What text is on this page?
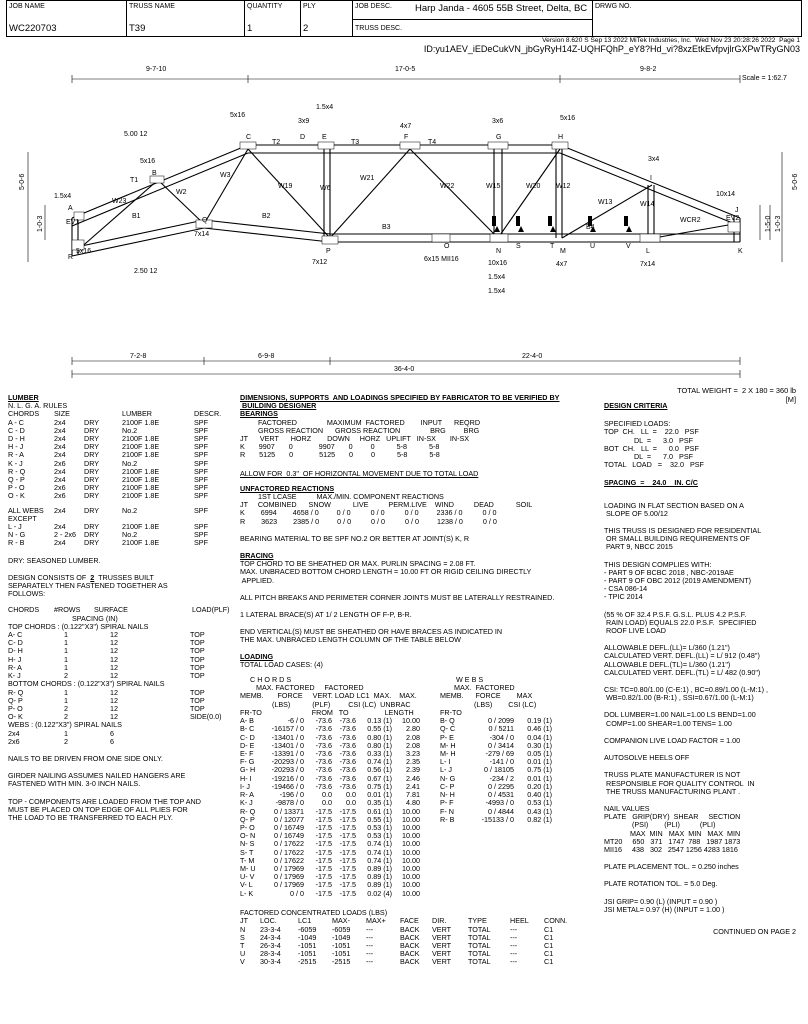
JOB NAME
WC220703
TRUSS NAME
T39
QUANTITY
1
PLY
2
JOB DESC. Harp Janda - 4605 55B Street, Delta, BC
TRUSS DESC.
DRWG NO.
Version 8.620 S Sep 13 2022 MiTek Industries, Inc.  Wed Nov 23 20:28:26 2022  Page 1
ID:yu1AEV_iEDeCukVN_jbGyRyH14Z-UQHFQhP_eY8?Hd_vi?8xzEtkEvfpvjlrGXPwTRyGN03
9-7-10	17-0-5	9-8-2
Scale = 1:62.7
7-2-8	6-9-8	22-4-0
36-4-0
5.00 12
2.50 12
5-0-6
1-0-3
5-0-6
1-0-3
1-5-0
A
B
C	D E	F	G	H
I
J
K
L
M
N
O
P
Q
R
S	T	U	V
T1
T2	T3	T4
B1	B2
B3	B4
EV1
EV2
W2
W3
W6	W12
W13	W14
W15
W19	W20
W21
W22
W23
WCR2
5x16
5x16
5x16
5x16
1.5x4
1.5x4
1.5x4
1.5x4
3x9
4x7
4x7
3x6
3x4
10x14
7x14
7x14
7x12	6x15 MII16
10x16
TOTAL WEIGHT =  2 X 180 = 360 lb
[M]
LUMBER
N. L. G. A. RULES
CHORDS	SIZE	LUMBER	DESCR.
A - C	2x4	DRY	2100F 1.8E	SPF
C - D	2x4	DRY	No.2	SPF
D - H	2x4	DRY	2100F 1.8E	SPF
H - J	2x4	DRY	2100F 1.8E	SPF
R - A	2x4	DRY	2100F 1.8E	SPF
K - J	2x6	DRY	No.2	SPF
R - Q	2x4	DRY	2100F 1.8E	SPF
Q - P	2x4	DRY	2100F 1.8E	SPF
P - O	2x6	DRY	2100F 1.8E	SPF
O - K	2x6	DRY	2100F 1.8E	SPF
ALL WEBS	2x4	DRY	No.2	SPF
EXCEPT
L - J	2x4	DRY	2100F 1.8E	SPF
N - G	2 - 2x6	DRY	No.2	SPF
R - B	2x4	DRY	2100F 1.8E	SPF
DRY: SEASONED LUMBER.
DESIGN CONSISTS OF 2 TRUSSES BUILT
SEPARATELY THEN FASTENED TOGETHER AS
FOLLOWS:
CHORDS	#ROWS	SURFACE	LOAD(PLF)
SPACING (IN)
TOP CHORDS : (0.122"X3") SPIRAL NAILS
A- C	1	12	TOP
C- D	1	12	TOP
D- H	1	12	TOP
H- J	1	12	TOP
R- A	1	12	TOP
K- J	2	12	TOP
BOTTOM CHORDS : (0.122"X3") SPIRAL NAILS
R- Q	1	12	TOP
Q- P	1	12	TOP
P- O	2	12	TOP
O- K	2	12	SIDE(0.0)
WEBS : (0.122"X3") SPIRAL NAILS
2x4	1	6
2x6	2	6
NAILS TO BE DRIVEN FROM ONE SIDE ONLY.
GIRDER NAILING ASSUMES NAILED HANGERS ARE
FASTENED WITH MIN. 3-0 INCH NAILS.
TOP - COMPONENTS ARE LOADED FROM THE TOP AND
MUST BE PLACED ON TOP EDGE OF ALL PLIES FOR
THE LOAD TO BE TRANSFERRED TO EACH PLY.
DIMENSIONS, SUPPORTS  AND LOADINGS SPECIFIED BY FABRICATOR TO BE VERIFIED BY
BUILDING DESIGNER
BEARINGS
FACTORED               MAXIMUM  FACTORED        INPUT      REQRD
GROSS REACTION      GROSS REACTION               BRG         BRG
JT      VERT      HORZ        DOWN     HORZ   UPLIFT   IN-SX       IN-SX
K       9907       0             9907       0         0           5-8           5-8
R       5125       0             5125       0         0           5-8           5-8
ALLOW FOR  0.3"  OF HORIZONTAL MOVEMENT DUE TO TOTAL LOAD
UNFACTORED REACTIONS
1ST LCASE          MAX./MIN. COMPONENT REACTIONS
JT     COMBINED      SNOW           LIVE          PERM.LIVE    WIND          DEAD           SOIL
K        6994        4658 / 0         0 / 0          0 / 0          0 / 0         2336 / 0          0 / 0
R        3623        2385 / 0         0 / 0          0 / 0          0 / 0         1238 / 0          0 / 0
BEARING MATERIAL TO BE SPF NO.2 OR BETTER AT JOINT(S) K, R
BRACING
TOP CHORD TO BE SHEATHED OR MAX. PURLIN SPACING = 2.08 FT.
MAX. UNBRACED BOTTOM CHORD LENGTH = 10.00 FT OR RIGID CEILING DIRECTLY
APPLIED.
ALL PITCH BREAKS AND PERIMETER CORNER JOINTS MUST BE LATERALLY RESTRAINED.
1 LATERAL BRACE(S) AT 1/ 2 LENGTH OF F-P, B-R.
END VERTICAL(S) MUST BE SHEATHED OR HAVE BRACES AS INDICATED IN
THE MAX. UNBRACED LENGTH COLUMN OF THE TABLE BELOW
LOADING
TOTAL LOAD CASES: (4)
C H O R D S	W E B S
MAX. FACTORED     FACTORED
MEMB.       FORCE     VERT. LOAD LC1  MAX.    MAX.
(LBS)           (PLF)         CSI (LC)  UNBRAC
FR-TO                         FROM   TO                  LENGTH
MAX.  FACTORED
MEMB.      FORCE        MAX
(LBS)        CSI (LC)
FR-TO
A- B	-6 / 0	-73.6	-73.6	0.13 (1)	10.00
B- C	-16157 / 0	-73.6	-73.6	0.55 (1)	2.80
C- D	-13401 / 0	-73.6	-73.6	0.80 (1)	2.08
D- E	-13401 / 0	-73.6	-73.6	0.80 (1)	2.08
E- F	-13391 / 0	-73.6	-73.6	0.33 (1)	3.23
F- G	-20293 / 0	-73.6	-73.6	0.74 (1)	2.35
G- H	-20293 / 0	-73.6	-73.6	0.56 (1)	2.39
H- I	-19216 / 0	-73.6	-73.6	0.67 (1)	2.46
I- J	-19466 / 0	-73.6	-73.6	0.75 (1)	2.41
R- A	-196 / 0	0.0	0.0	0.01 (1)	7.81
K- J	-9878 / 0	0.0	0.0	0.35 (1)	4.80
R- Q	0 / 13371	-17.5	-17.5	0.61 (1)	10.00
Q- P	0 / 12077	-17.5	-17.5	0.55 (1)	10.00
P- O	0 / 16749	-17.5	-17.5	0.53 (1)	10.00
O- N	0 / 16749	-17.5	-17.5	0.53 (1)	10.00
N- S	0 / 17622	-17.5	-17.5	0.74 (1)	10.00
S- T	0 / 17622	-17.5	-17.5	0.74 (1)	10.00
T- M	0 / 17622	-17.5	-17.5	0.74 (1)	10.00
M- U	0 / 17969	-17.5	-17.5	0.89 (1)	10.00
U- V	0 / 17969	-17.5	-17.5	0.89 (1)	10.00
V- L	0 / 17969	-17.5	-17.5	0.89 (1)	10.00
L- K	0 / 0	-17.5	-17.5	0.02 (4)	10.00
B- Q	0 / 2099	0.19 (1)
Q- C	0 / 5211	0.46 (1)
P- E	-304 / 0	0.04 (1)
M- H	0 / 3414	0.30 (1)
M- H	-279 / 69	0.05 (1)
L- I	-141 / 0	0.01 (1)
L- J	0 / 18105	0.75 (1)
N- G	-234 / 2	0.01 (1)
C- P	0 / 2295	0.20 (1)
N- H	0 / 4531	0.40 (1)
P- F	-4993 / 0	0.53 (1)
F- N	0 / 4844	0.43 (1)
R- B	-15133 / 0	0.82 (1)
FACTORED CONCENTRATED LOADS (LBS)
JT	LOC.	LC1	MAX-	MAX+	FACE	DIR.	TYPE	HEEL	CONN.
N	23-3-4	-6059	-6059	---	BACK	VERT	TOTAL	---	C1
S	24-3-4	-1049	-1049	---	BACK	VERT	TOTAL	---	C1
T	26-3-4	-1051	-1051	---	BACK	VERT	TOTAL	---	C1
U	28-3-4	-1051	-1051	---	BACK	VERT	TOTAL	---	C1
V	30-3-4	-2515	-2515	---	BACK	VERT	TOTAL	---	C1
DESIGN CRITERIA
SPECIFIED LOADS:
TOP  CH.   LL  =    22.0   PSF
DL  =      3.0   PSF
BOT  CH.   LL  =      0.0   PSF
DL  =      7.0   PSF
TOTAL   LOAD   =    32.0   PSF
SPACING  =    24.0    IN. C/C
LOADING IN FLAT SECTION BASED ON A
SLOPE OF 5.00/12
THIS TRUSS IS DESIGNED FOR RESIDENTIAL
OR SMALL BUILDING REQUIREMENTS OF
PART 9, NBCC 2015
THIS DESIGN COMPLIES WITH:
- PART 9 OF BCBC 2018 , NBC-2019AE
- PART 9 OF OBC 2012 (2019 AMENDMENT)
- CSA 086-14
- TPIC 2014
(55 % OF 32.4 P.S.F. G.S.L. PLUS 4.2 P.S.F.
RAIN LOAD) EQUALS 22.0 P.S.F.  SPECIFIED
ROOF LIVE LOAD
ALLOWABLE DEFL.(LL)= L/360 (1.21")
CALCULATED VERT. DEFL.(LL) = L/ 912 (0.48")
ALLOWABLE DEFL.(TL)= L/360 (1.21")
CALCULATED VERT. DEFL.(TL) = L/ 482 (0.90")
CSI: TC=0.80/1.00 (C-E:1) , BC=0.89/1.00 (L-M:1) ,
WB=0.82/1.00 (B-R:1) , SSI=0.67/1.00 (L-M:1)
DOL LUMBER=1.00 NAIL=1.00 LS BEND=1.00
COMP=1.00 SHEAR=1.00 TENS= 1.00
COMPANION LIVE LOAD FACTOR = 1.00
AUTOSOLVE HEELS OFF
TRUSS PLATE MANUFACTURER IS NOT
RESPONSIBLE FOR QUALITY CONTROL  IN
THE TRUSS MANUFACTURING PLANT .
NAIL VALUES
PLATE   GRIP(DRY)  SHEAR     SECTION
(PSI)        (PLI)          (PLI)
MAX  MIN   MAX  MIN   MAX  MIN
MT20     650   371   1747  788   1987 1873
MII16     438   302   2547 1256 4283 1816
PLATE PLACEMENT TOL. = 0.250 inches
PLATE ROTATION TOL. = 5.0 Deg.
JSI GRIP= 0.90 (L) (INPUT = 0.90 )
JSI METAL= 0.97 (H) (INPUT = 1.00 )
CONTINUED ON PAGE 2
